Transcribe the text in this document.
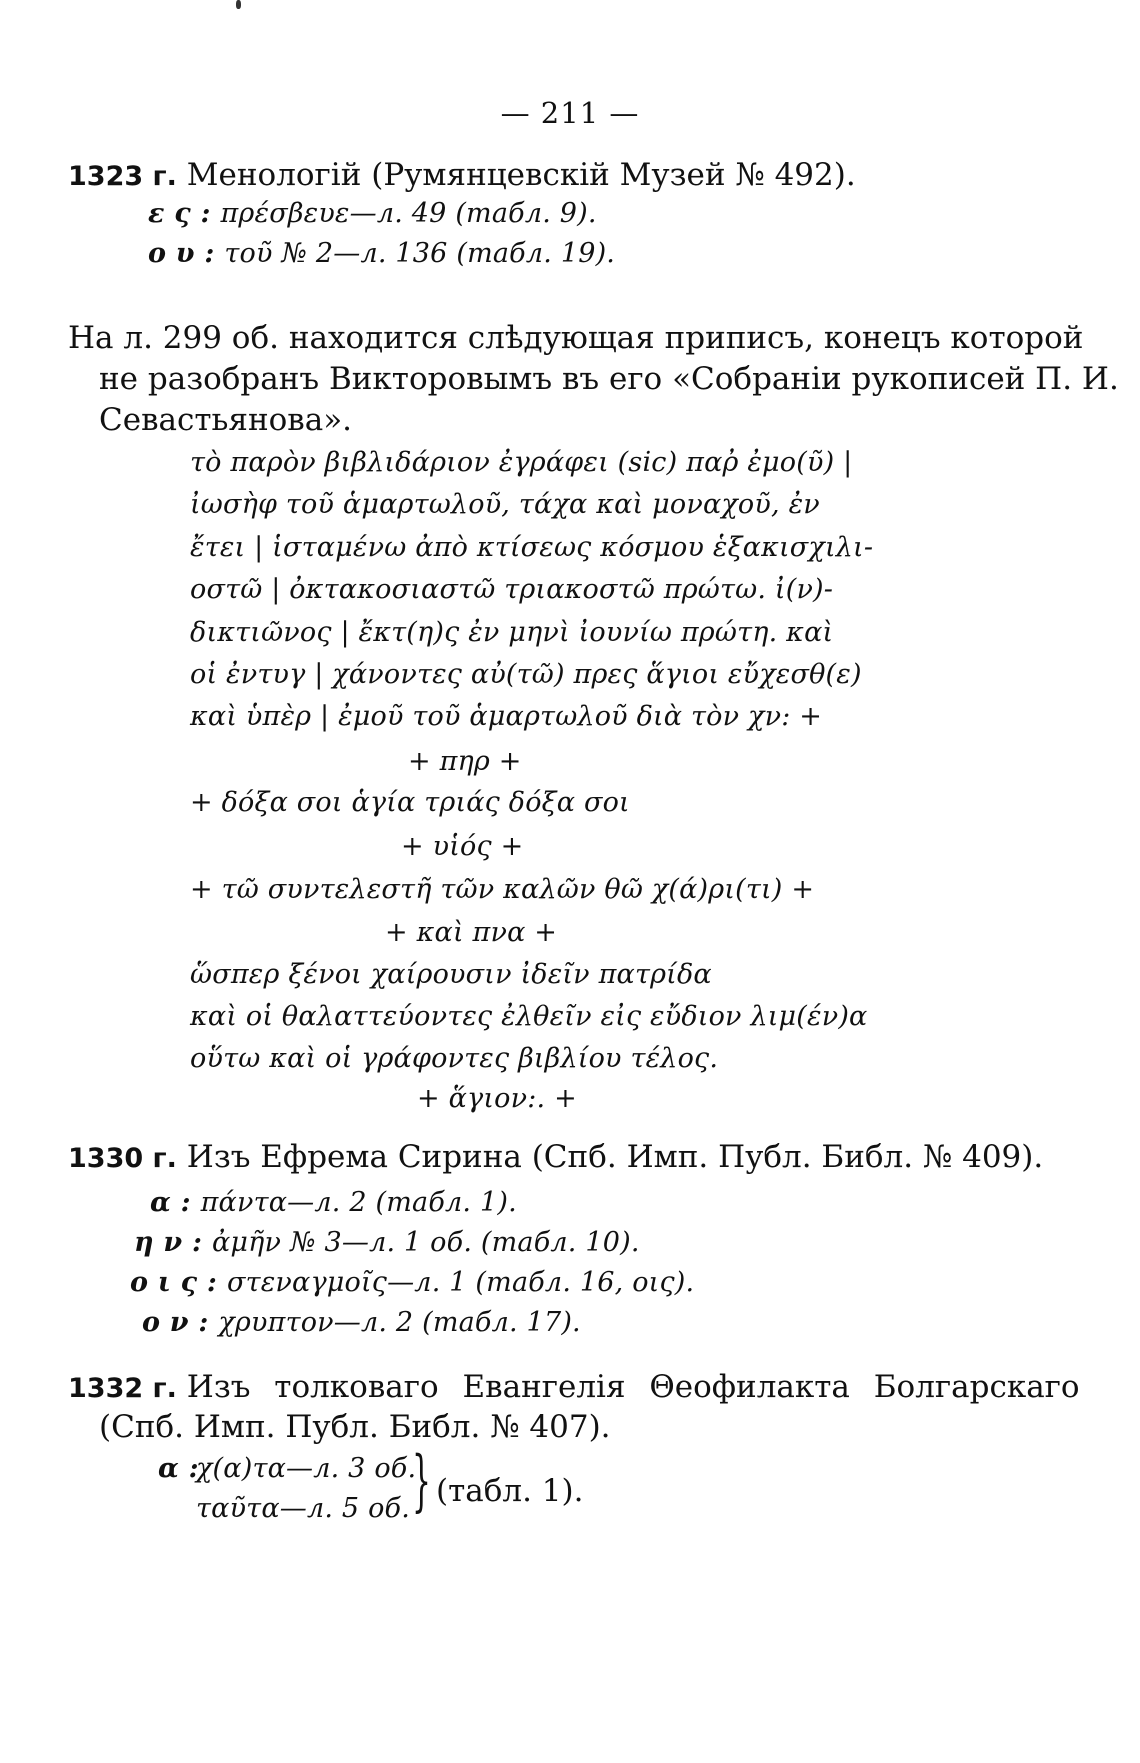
— 211 —
1323 г. Менологій (Румянцевскій Музей № 492).
ε ς : πρέσβευε—л. 49 (табл. 9).
ο υ : τοῦ № 2—л. 136 (табл. 19).
На л. 299 об. находится слѣдующая приписъ, конецъ которой
не разобранъ Викторовымъ въ его «Собраніи рукописей П. И.
Севастьянова».
τὸ παρὸν βιβλιδάριον ἐγράφει (sic) παῤ ἐμο(ῦ) |
ἰωσὴφ τοῦ ἁμαρτωλοῦ, τάχα καὶ μοναχοῦ, ἐν
ἔτει | ἱσταμένω ἀπὸ κτίσεως κόσμου ἑξακισχιλι-
οστῶ | ὀκτακοσιαστῶ τριακοστῶ πρώτω. ἰ(ν)-
δικτιῶνος | ἔκτ(η)ς ἐν μηνὶ ἰουνίω πρώτη. καὶ
οἱ ἐντυγ | χάνοντες αὐ(τῶ) πρες ἅγιοι εὔχεσθ(ε)
καὶ ὑπὲρ | ἐμοῦ τοῦ ἁμαρτωλοῦ διὰ τὸν χν: +
+ πηρ +
+ δόξα σοι ἁγία τριάς δόξα σοι
+ υἱός +
+ τῶ συντελεστῆ τῶν καλῶν θῶ χ(ά)ρι(τι) +
+ καὶ πνα +
ὥσπερ ξένοι χαίρουσιν ἰδεῖν πατρίδα
καὶ οἱ θαλαττεύοντες ἐλθεῖν εἰς εὔδιον λιμ(έν)α
οὕτω καὶ οἱ γράφοντες βιβλίου τέλος.
+ ἅγιον:. +
1330 г. Изъ Ефрема Сирина (Спб. Имп. Публ. Библ. № 409).
α : πάντα—л. 2 (табл. 1).
η ν : ἀμῆν № 3—л. 1 об. (табл. 10).
ο ι ς : στεναγμοῖς—л. 1 (табл. 16, οις).
ο ν : χρυπτον—л. 2 (табл. 17).
1332 г. Изъ толковаго Евангелія Θеофилакта Болгарскаго
(Спб. Имп. Публ. Библ. № 407).
α :
χ(α)τα—л. 3 об.
ταῦτα—л. 5 об. } (табл. 1).
